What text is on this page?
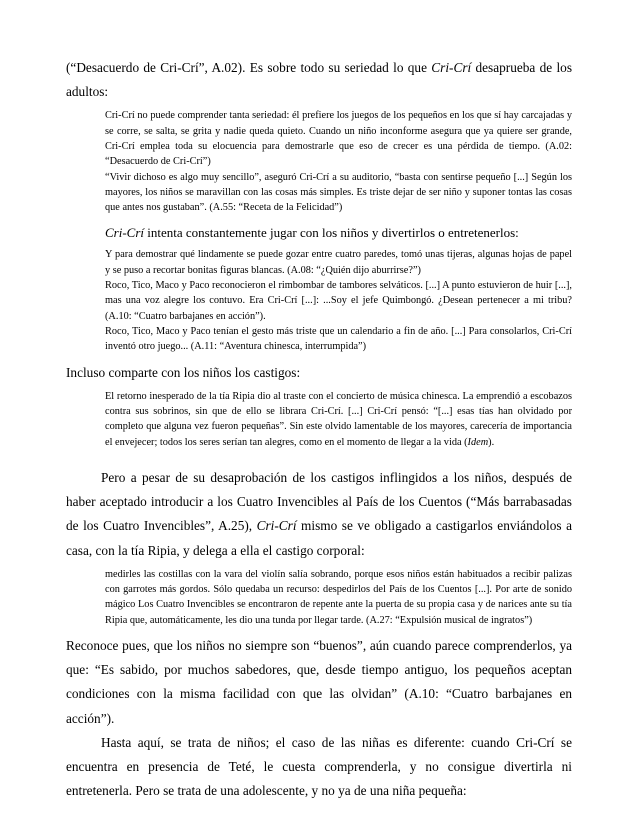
(“Desacuerdo de Cri-Crí”, A.02). Es sobre todo su seriedad lo que Cri-Crí desaprueba de los adultos:

Cri-Crí no puede comprender tanta seriedad: él prefiere los juegos de los pequeños en los que sí hay carcajadas y se corre, se salta, se grita y nadie queda quieto. Cuando un niño inconforme asegura que ya quiere ser grande, Cri-Crí emplea toda su elocuencia para demostrarle que eso de crecer es una pérdida de tiempo. (A.02: “Desacuerdo de Cri-Crí”)

“Vivir dichoso es algo muy sencillo”, aseguró Cri-Crí a su auditorio, “basta con sentirse pequeño [...] Según los mayores, los niños se maravillan con las cosas más simples. Es triste dejar de ser niño y suponer tontas las cosas que antes nos gustaban”. (A.55: “Receta de la Felicidad”)

Cri-Crí intenta constantemente jugar con los niños y divertirlos o entretenerlos:

Y para demostrar qué lindamente se puede gozar entre cuatro paredes, tomó unas tijeras, algunas hojas de papel y se puso a recortar bonitas figuras blancas. (A.08: “¿Quién dijo aburrirse?”)

Roco, Tico, Maco y Paco reconocieron el rimbombar de tambores selváticos. [...] A punto estuvieron de huir [...], mas una voz alegre los contuvo. Era Cri-Crí [...]: ...Soy el jefe Quimbongó. ¿Desean pertenecer a mi tribu? (A.10: “Cuatro barbajanes en acción”).

Roco, Tico, Maco y Paco tenían el gesto más triste que un calendario a fin de año. [...] Para consolarlos, Cri-Crí inventó otro juego... (A.11: “Aventura chinesca, interrumpida”)

Incluso comparte con los niños los castigos:

El retorno inesperado de la tía Ripia dio al traste con el concierto de música chinesca. La emprendió a escobazos contra sus sobrinos, sin que de ello se librara Cri-Crí. [...] Cri-Crí pensó: “[...] esas tías han olvidado por completo que alguna vez fueron pequeñas”. Sin este olvido lamentable de los mayores, carecería de importancia el envejecer; todos los seres serían tan alegres, como en el momento de llegar a la vida (Idem).

Pero a pesar de su desaprobación de los castigos inflingidos a los niños, después de haber aceptado introducir a los Cuatro Invencibles al País de los Cuentos (“Más barrabasadas de los Cuatro Invencibles”, A.25), Cri-Crí mismo se ve obligado a castigarlos enviándolos a casa, con la tía Ripia, y delega a ella el castigo corporal:

medirles las costillas con la vara del violín salía sobrando, porque esos niños están habituados a recibir palizas con garrotes más gordos. Sólo quedaba un recurso: despedirlos del País de los Cuentos [...]. Por arte de sonido mágico Los Cuatro Invencibles se encontraron de repente ante la puerta de su propia casa y de narices ante su tía Ripia que, automáticamente, les dio una tunda por llegar tarde. (A.27: “Expulsión musical de ingratos”)

Reconoce pues, que los niños no siempre son “buenos”, aún cuando parece comprenderlos, ya que: “Es sabido, por muchos sabedores, que, desde tiempo antiguo, los pequeños aceptan condiciones con la misma facilidad con que las olvidan” (A.10: “Cuatro barbajanes en acción”).

Hasta aquí, se trata de niños; el caso de las niñas es diferente: cuando Cri-Crí se encuentra en presencia de Teté, le cuesta comprenderla, y no consigue divertirla ni entretenerla. Pero se trata de una adolescente, y no ya de una niña pequeña:
